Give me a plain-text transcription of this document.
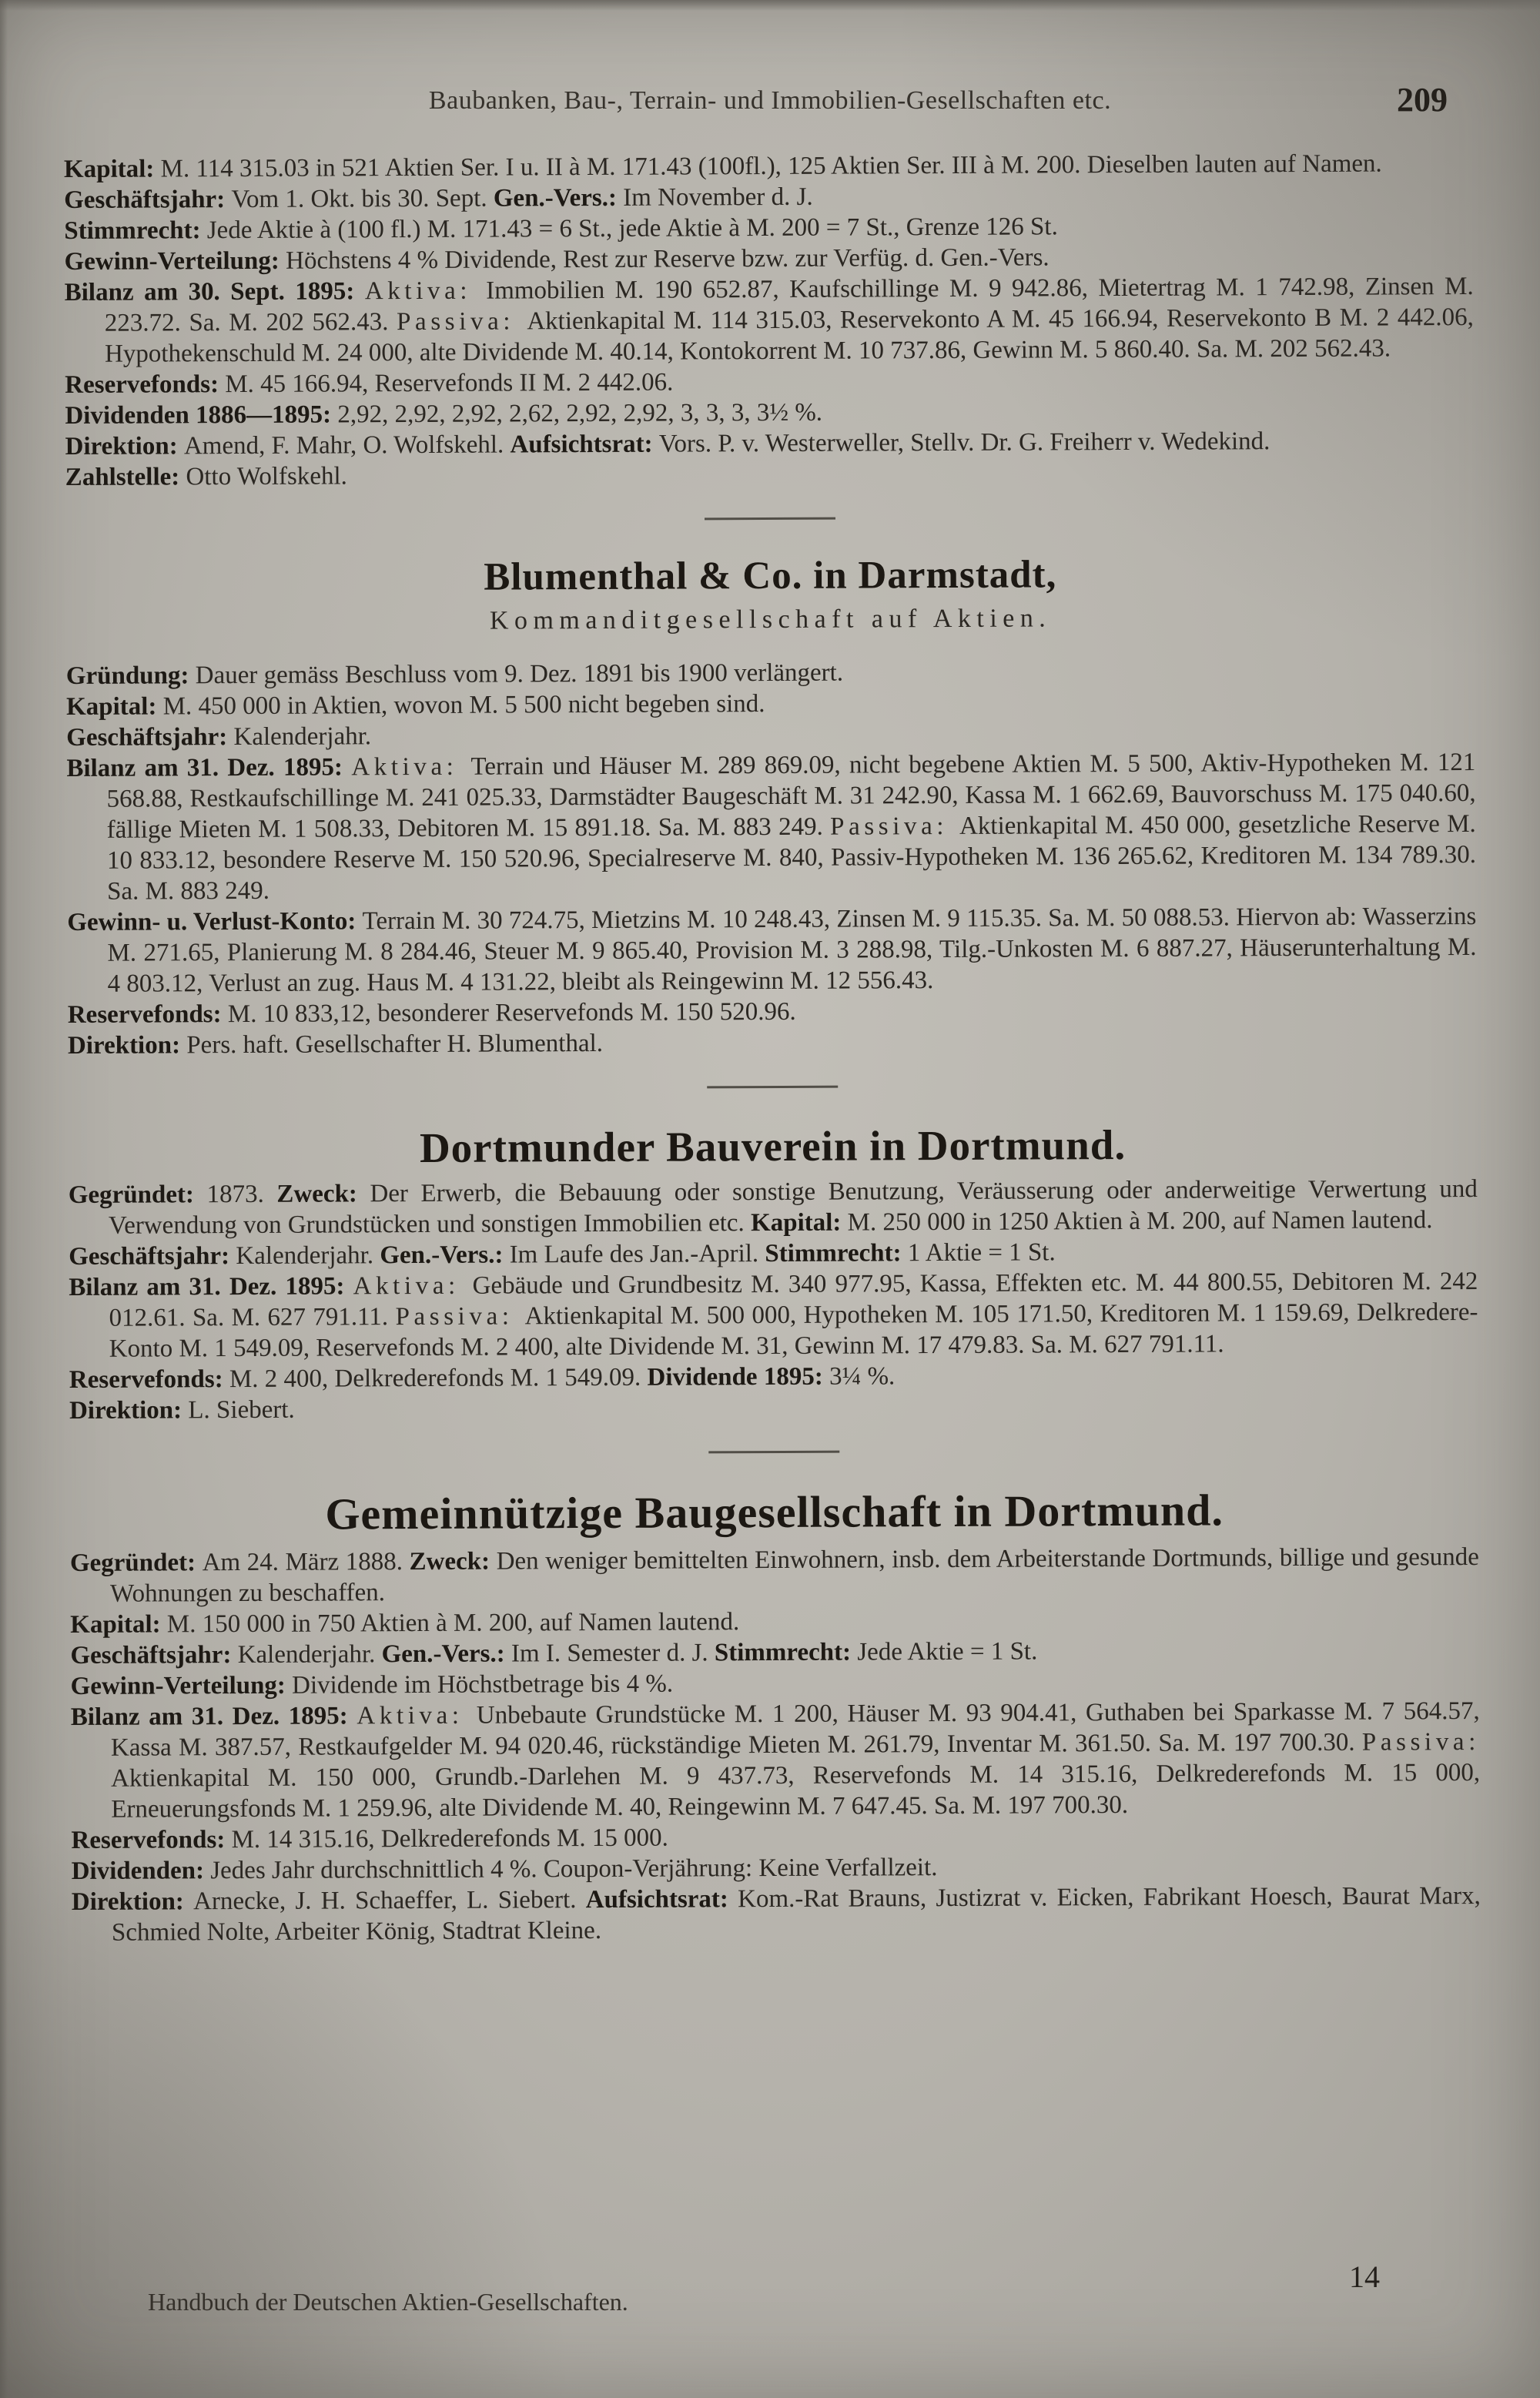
Baubanken, Bau-, Terrain- und Immobilien-Gesellschaften etc.	209

Kapital: M. 114 315.03 in 521 Aktien Ser. I u. II à M. 171.43 (100fl.), 125 Aktien Ser. III à M. 200. Dieselben lauten auf Namen.

Geschäftsjahr: Vom 1. Okt. bis 30. Sept. Gen.-Vers.: Im November d. J.

Stimmrecht: Jede Aktie à (100 fl.) M. 171.43 = 6 St., jede Aktie à M. 200 = 7 St., Grenze 126 St.

Gewinn-Verteilung: Höchstens 4 % Dividende, Rest zur Reserve bzw. zur Verfüg. d. Gen.-Vers.

Bilanz am 30. Sept. 1895: Aktiva: Immobilien M. 190 652.87, Kaufschillinge M. 9 942.86, Mietertrag M. 1 742.98, Zinsen M. 223.72. Sa. M. 202 562.43. Passiva: Aktienkapital M. 114 315.03, Reservekonto A M. 45 166.94, Reservekonto B M. 2 442.06, Hypothekenschuld M. 24 000, alte Dividende M. 40.14, Kontokorrent M. 10 737.86, Gewinn M. 5 860.40. Sa. M. 202 562.43.

Reservefonds: M. 45 166.94, Reservefonds II M. 2 442.06.

Dividenden 1886—1895: 2,92, 2,92, 2,92, 2,62, 2,92, 2,92, 3, 3, 3, 3½ %.

Direktion: Amend, F. Mahr, O. Wolfskehl. Aufsichtsrat: Vors. P. v. Westerweller, Stellv. Dr. G. Freiherr v. Wedekind.

Zahlstelle: Otto Wolfskehl.

Blumenthal & Co. in Darmstadt,
Kommanditgesellschaft auf Aktien.

Gründung: Dauer gemäss Beschluss vom 9. Dez. 1891 bis 1900 verlängert.

Kapital: M. 450 000 in Aktien, wovon M. 5 500 nicht begeben sind.

Geschäftsjahr: Kalenderjahr.

Bilanz am 31. Dez. 1895: Aktiva: Terrain und Häuser M. 289 869.09, nicht begebene Aktien M. 5 500, Aktiv-Hypotheken M. 121 568.88, Restkaufschillinge M. 241 025.33, Darmstädter Baugeschäft M. 31 242.90, Kassa M. 1 662.69, Bauvorschuss M. 175 040.60, fällige Mieten M. 1 508.33, Debitoren M. 15 891.18. Sa. M. 883 249. Passiva: Aktienkapital M. 450 000, gesetzliche Reserve M. 10 833.12, besondere Reserve M. 150 520.96, Specialreserve M. 840, Passiv-Hypotheken M. 136 265.62, Kreditoren M. 134 789.30. Sa. M. 883 249.

Gewinn- u. Verlust-Konto: Terrain M. 30 724.75, Mietzins M. 10 248.43, Zinsen M. 9 115.35. Sa. M. 50 088.53. Hiervon ab: Wasserzins M. 271.65, Planierung M. 8 284.46, Steuer M. 9 865.40, Provision M. 3 288.98, Tilg.-Unkosten M. 6 887.27, Häuserunterhaltung M. 4 803.12, Verlust an zug. Haus M. 4 131.22, bleibt als Reingewinn M. 12 556.43.

Reservefonds: M. 10 833,12, besonderer Reservefonds M. 150 520.96.

Direktion: Pers. haft. Gesellschafter H. Blumenthal.

Dortmunder Bauverein in Dortmund.

Gegründet: 1873. Zweck: Der Erwerb, die Bebauung oder sonstige Benutzung, Veräusserung oder anderweitige Verwertung und Verwendung von Grundstücken und sonstigen Immobilien etc. Kapital: M. 250 000 in 1250 Aktien à M. 200, auf Namen lautend.

Geschäftsjahr: Kalenderjahr. Gen.-Vers.: Im Laufe des Jan.-April. Stimmrecht: 1 Aktie = 1 St.

Bilanz am 31. Dez. 1895: Aktiva: Gebäude und Grundbesitz M. 340 977.95, Kassa, Effekten etc. M. 44 800.55, Debitoren M. 242 012.61. Sa. M. 627 791.11. Passiva: Aktienkapital M. 500 000, Hypotheken M. 105 171.50, Kreditoren M. 1 159.69, Delkredere-Konto M. 1 549.09, Reservefonds M. 2 400, alte Dividende M. 31, Gewinn M. 17 479.83. Sa. M. 627 791.11.

Reservefonds: M. 2 400, Delkrederefonds M. 1 549.09. Dividende 1895: 3¼ %.

Direktion: L. Siebert.

Gemeinnützige Baugesellschaft in Dortmund.

Gegründet: Am 24. März 1888. Zweck: Den weniger bemittelten Einwohnern, insb. dem Arbeiterstande Dortmunds, billige und gesunde Wohnungen zu beschaffen.

Kapital: M. 150 000 in 750 Aktien à M. 200, auf Namen lautend.

Geschäftsjahr: Kalenderjahr. Gen.-Vers.: Im I. Semester d. J. Stimmrecht: Jede Aktie = 1 St.

Gewinn-Verteilung: Dividende im Höchstbetrage bis 4 %.

Bilanz am 31. Dez. 1895: Aktiva: Unbebaute Grundstücke M. 1 200, Häuser M. 93 904.41, Guthaben bei Sparkasse M. 7 564.57, Kassa M. 387.57, Restkaufgelder M. 94 020.46, rückständige Mieten M. 261.79, Inventar M. 361.50. Sa. M. 197 700.30. Passiva: Aktienkapital M. 150 000, Grundb.-Darlehen M. 9 437.73, Reservefonds M. 14 315.16, Delkrederefonds M. 15 000, Erneuerungsfonds M. 1 259.96, alte Dividende M. 40, Reingewinn M. 7 647.45. Sa. M. 197 700.30.

Reservefonds: M. 14 315.16, Delkrederefonds M. 15 000.

Dividenden: Jedes Jahr durchschnittlich 4 %. Coupon-Verjährung: Keine Verfallzeit.

Direktion: Arnecke, J. H. Schaeffer, L. Siebert. Aufsichtsrat: Kom.-Rat Brauns, Justizrat v. Eicken, Fabrikant Hoesch, Baurat Marx, Schmied Nolte, Arbeiter König, Stadtrat Kleine.

Handbuch der Deutschen Aktien-Gesellschaften.
14
